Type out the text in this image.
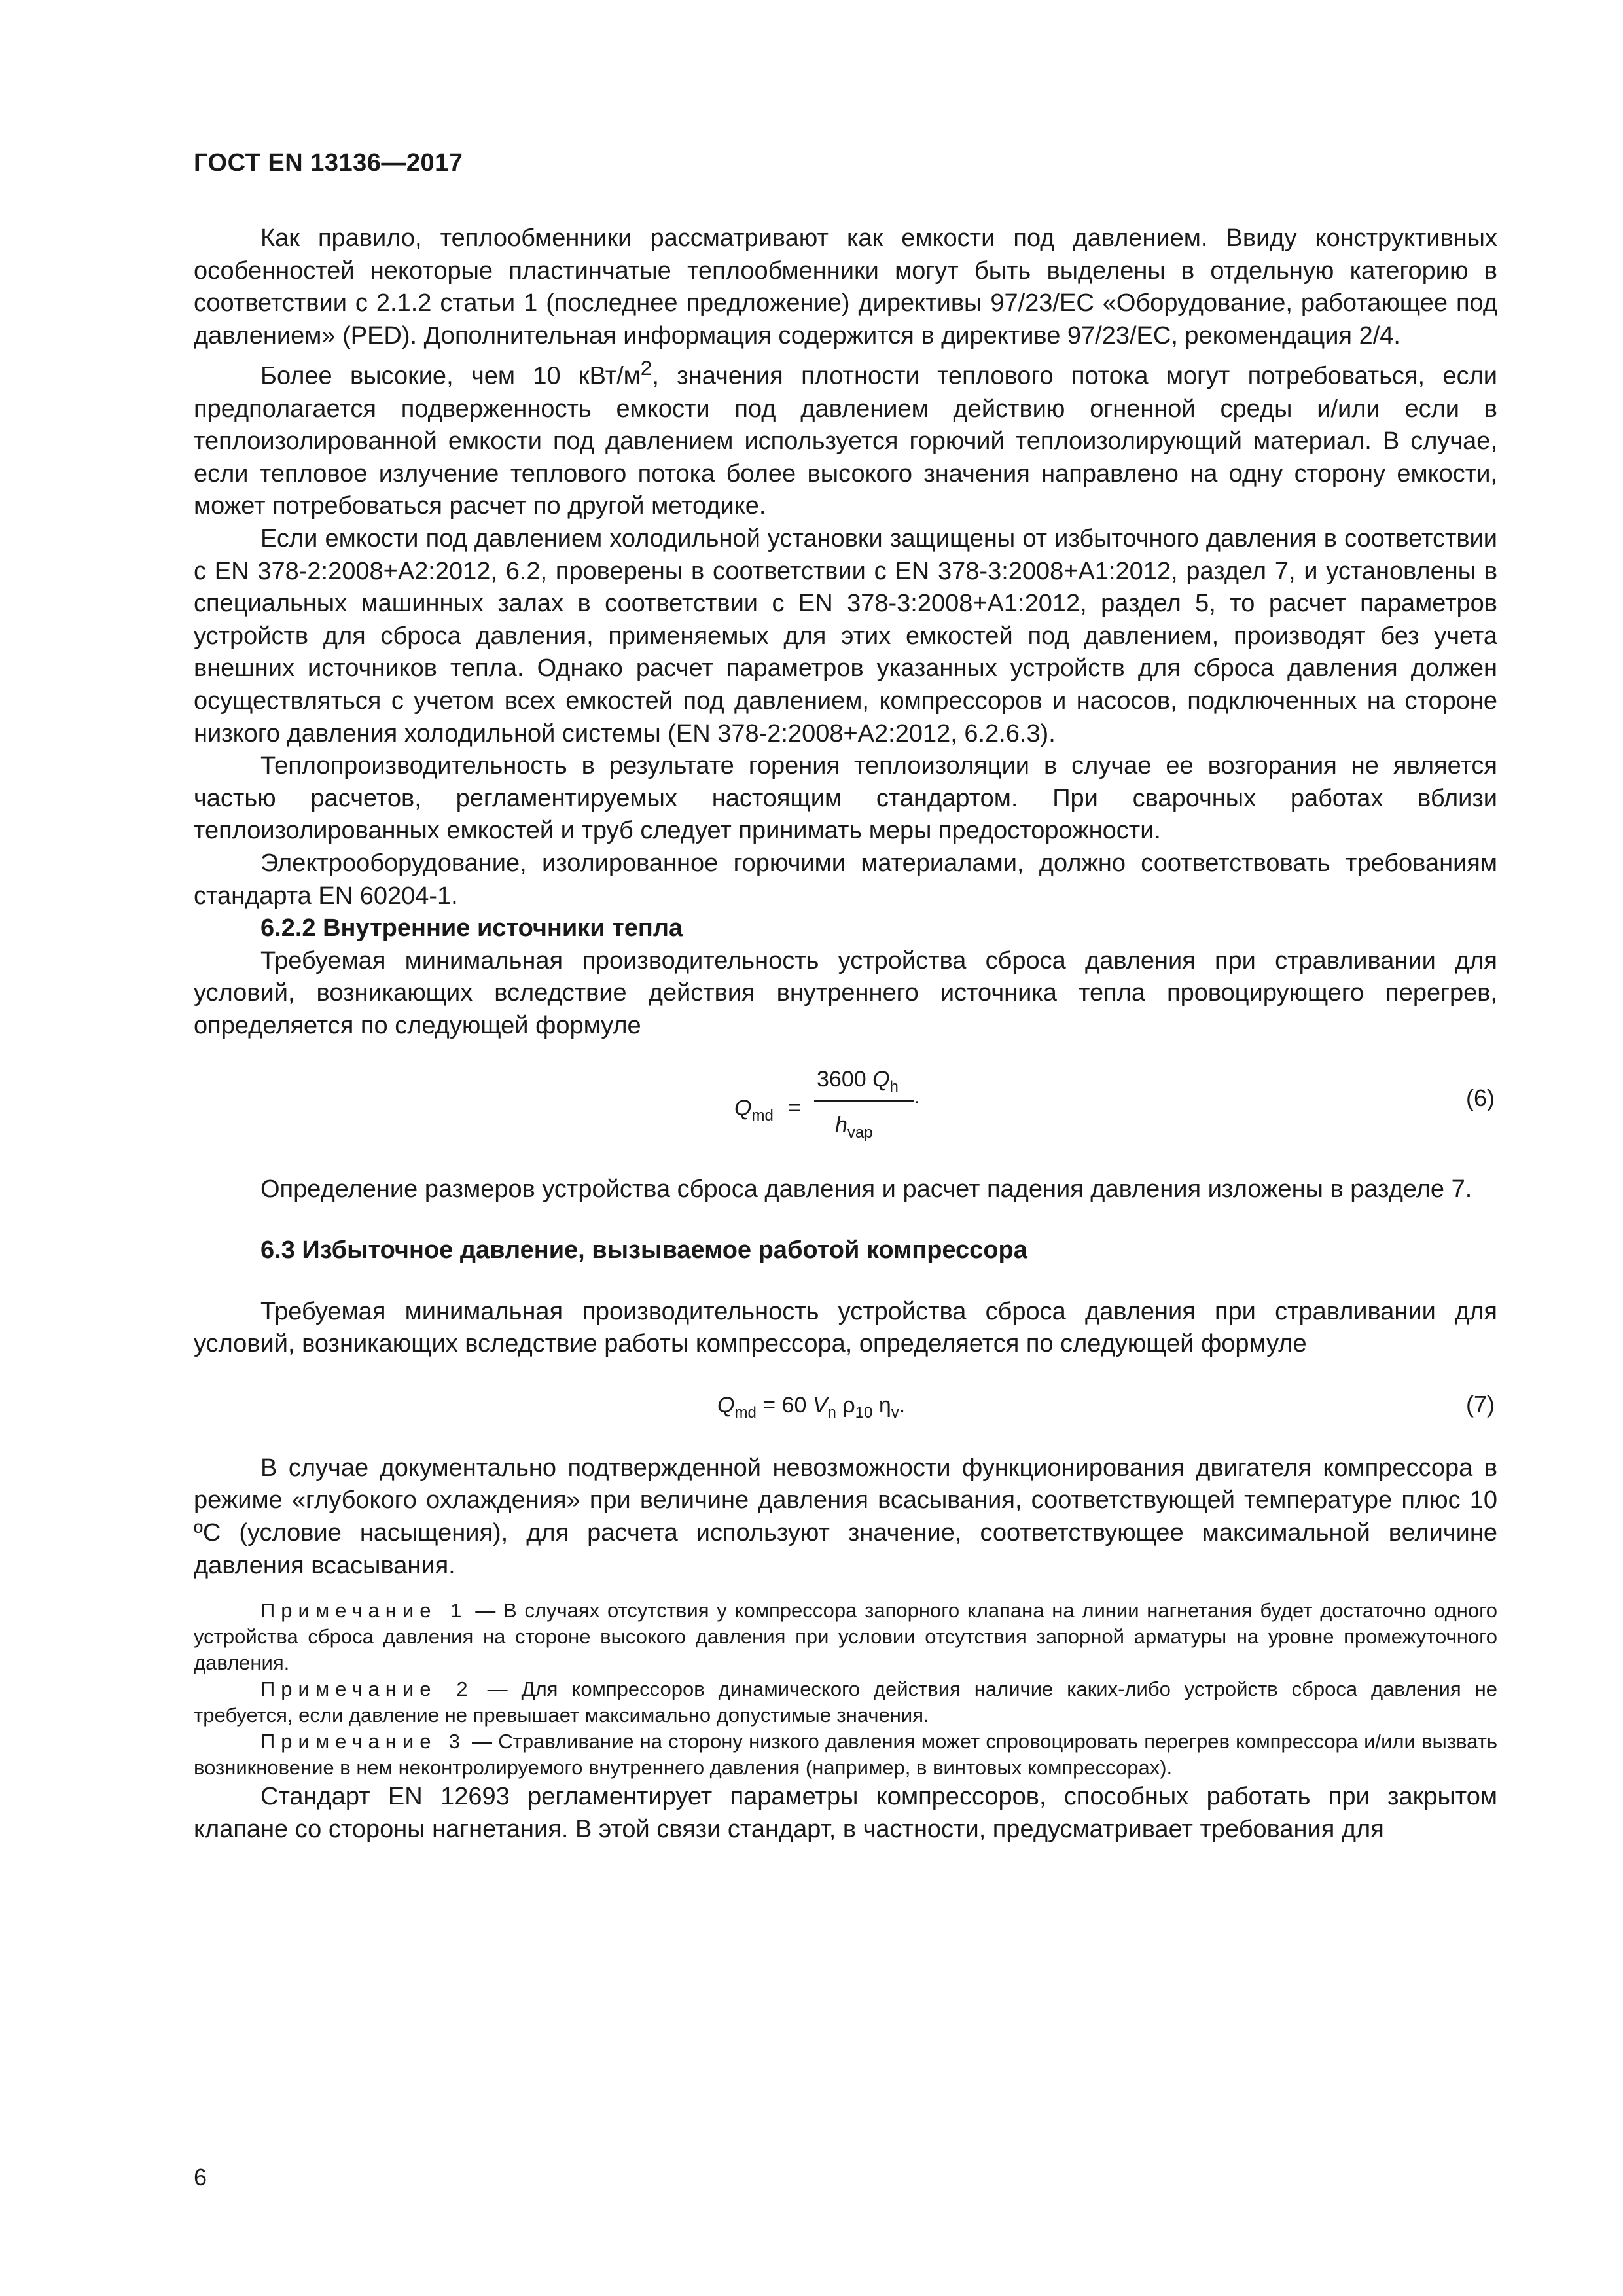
ГОСТ EN 13136—2017

Как правило, теплообменники рассматривают как емкости под давлением. Ввиду конструктивных особенностей некоторые пластинчатые теплообменники могут быть выделены в отдельную категорию в соответствии с 2.1.2 статьи 1 (последнее предложение) директивы 97/23/EC «Оборудование, работающее под давлением» (PED). Дополнительная информация содержится в директиве 97/23/EC, рекомендация 2/4.

Более высокие, чем 10 кВт/$м^2$, значения плотности теплового потока могут потребоваться, если предполагается подверженность емкости под давлением действию огненной среды и/или если в теплоизолированной емкости под давлением используется горючий теплоизолирующий материал. В случае, если тепловое излучение теплового потока более высокого значения направлено на одну сторону емкости, может потребоваться расчет по другой методике.

Если емкости под давлением холодильной установки защищены от избыточного давления в соответствии с EN 378-2:2008+A2:2012, 6.2, проверены в соответствии с EN 378-3:2008+A1:2012, раздел 7, и установлены в специальных машинных залах в соответствии с EN 378-3:2008+A1:2012, раздел 5, то расчет параметров устройств для сброса давления, применяемых для этих емкостей под давлением, производят без учета внешних источников тепла. Однако расчет параметров указанных устройств для сброса давления должен осуществляться с учетом всех емкостей под давлением, компрессоров и насосов, подключенных на стороне низкого давления холодильной системы (EN 378-2:2008+A2:2012, 6.2.6.3).

Теплопроизводительность в результате горения теплоизоляции в случае ее возгорания не является частью расчетов, регламентируемых настоящим стандартом. При сварочных работах вблизи теплоизолированных емкостей и труб следует принимать меры предосторожности.

Электрооборудование, изолированное горючими материалами, должно соответствовать требованиям стандарта EN 60204-1.

6.2.2 Внутренние источники тепла

Требуемая минимальная производительность устройства сброса давления при стравливании для условий, возникающих вследствие действия внутреннего источника тепла провоцирующего перегрев, определяется по следующей формуле

$Q_{md}$ =
3600 $Q_h$ .
$h_{vap}$
(6)

Определение размеров устройства сброса давления и расчет падения давления изложены в разделе 7.

6.3 Избыточное давление, вызываемое работой компрессора

Требуемая минимальная производительность устройства сброса давления при стравливании для условий, возникающих вследствие работы компрессора, определяется по следующей формуле

$Q_{md} = 60$ $V_n$ $\rho_{10}$ $\eta_v$.	(7)

В случае документально подтвержденной невозможности функционирования двигателя компрессора в режиме «глубокого охлаждения» при величине давления всасывания, соответствующей температуре плюс 10 ºC (условие насыщения), для расчета используют значение, соответствующее максимальной величине давления всасывания.

Примечание 1 — В случаях отсутствия у компрессора запорного клапана на линии нагнетания будет достаточно одного устройства сброса давления на стороне высокого давления при условии отсутствия запорной арматуры на уровне промежуточного давления.

Примечание 2 — Для компрессоров динамического действия наличие каких-либо устройств сброса давления не требуется, если давление не превышает максимально допустимые значения.

Примечание 3 — Стравливание на сторону низкого давления может спровоцировать перегрев компрессора и/или вызвать возникновение в нем неконтролируемого внутреннего давления (например, в винтовых компрессорах).

Стандарт EN 12693 регламентирует параметры компрессоров, способных работать при закрытом клапане со стороны нагнетания. В этой связи стандарт, в частности, предусматривает требования для

6
